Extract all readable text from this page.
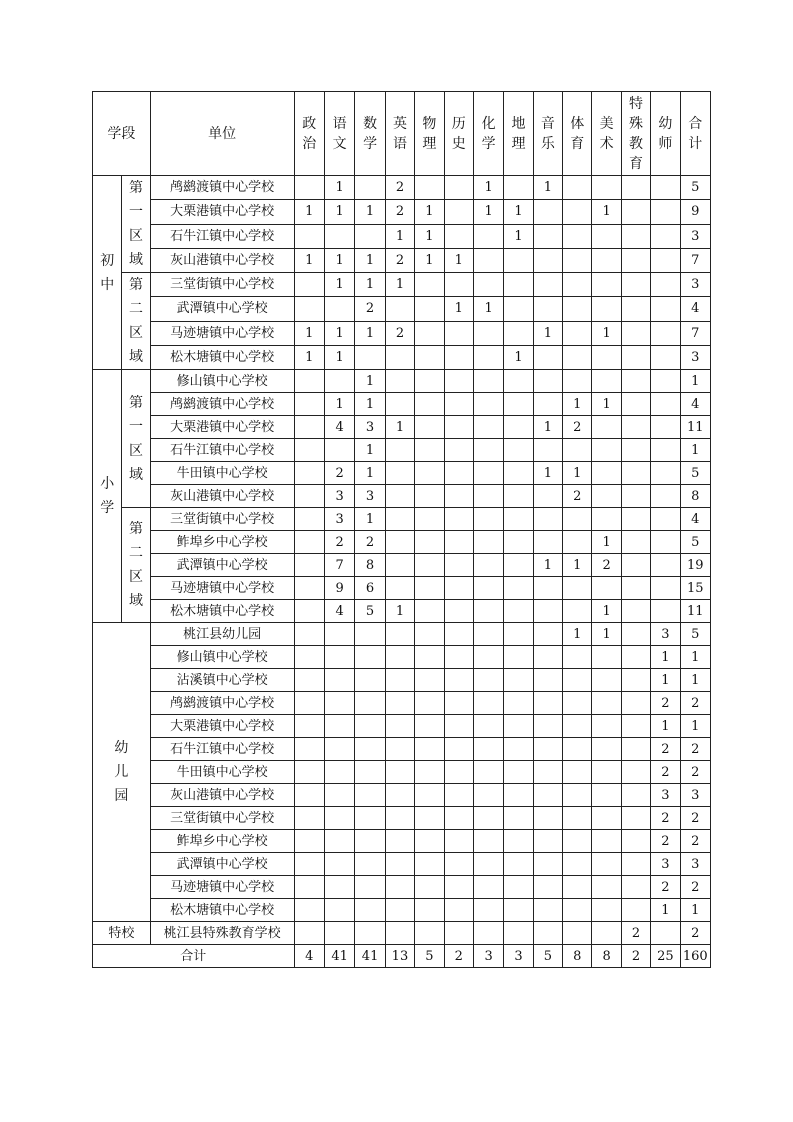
学段		单位	政治	语文	数学	英语	物理	历史	化学	地理	音乐	体育	美术	特殊教育	幼师	合计
初中	第一区域	鸬鹚渡镇中心学校		1		2			1		1					5
		大栗港镇中心学校	1	1	1	2	1		1	1			1			9
		石牛江镇中心学校				1	1			1						3
		灰山港镇中心学校	1	1	1	2	1	1								7
	第二区域	三堂街镇中心学校		1	1	1										3
		武潭镇中心学校			2			1	1							4
		马迹塘镇中心学校	1	1	1	2					1		1			7
		松木塘镇中心学校	1	1						1						3
小学	第一区域	修山镇中心学校			1											1
		鸬鹚渡镇中心学校		1	1							1	1			4
		大栗港镇中心学校		4	3	1					1	2				11
		石牛江镇中心学校			1											1
		牛田镇中心学校		2	1						1	1				5
		灰山港镇中心学校		3	3							2				8
	第二区域	三堂街镇中心学校		3	1											4
		鲊埠乡中心学校		2	2								1			5
		武潭镇中心学校		7	8						1	1	2			19
		马迹塘镇中心学校		9	6											15
		松木塘镇中心学校		4	5	1							1			11
幼儿园		桃江县幼儿园										1	1		3	5
		修山镇中心学校													1	1
		沾溪镇中心学校													1	1
		鸬鹚渡镇中心学校													2	2
		大栗港镇中心学校													1	1
		石牛江镇中心学校													2	2
		牛田镇中心学校													2	2
		灰山港镇中心学校													3	3
		三堂街镇中心学校													2	2
		鲊埠乡中心学校													2	2
		武潭镇中心学校													3	3
		马迹塘镇中心学校													2	2
		松木塘镇中心学校													1	1
特校		桃江县特殊教育学校												2		2
合计			4	41	41	13	5	2	3	3	5	8	8	2	25	160
